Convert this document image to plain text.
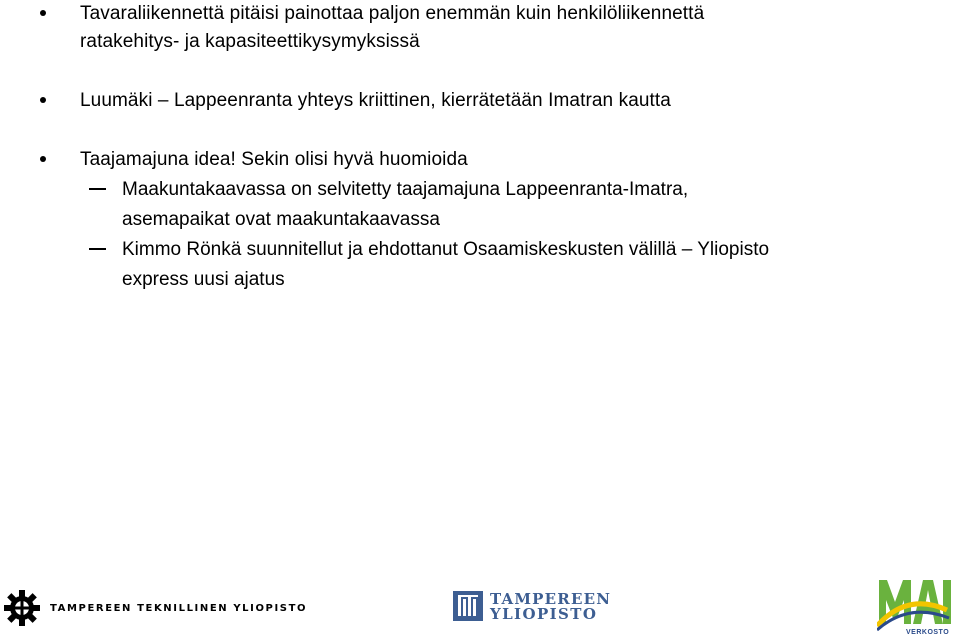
Tavaraliikennettä pitäisi painottaa paljon enemmän kuin henkilöliikennettä
ratakehitys- ja kapasiteettikysymyksissä
Luumäki – Lappeenranta yhteys kriittinen, kierrätetään Imatran kautta
Taajamajuna idea! Sekin olisi hyvä huomioida
Maakuntakaavassa on selvitetty taajamajuna Lappeenranta-Imatra,
asemapaikat ovat maakuntakaavassa
Kimmo Rönkä suunnitellut ja ehdottanut Osaamiskeskusten välillä – Yliopisto
express uusi ajatus
TAMPEREEN TEKNILLINEN YLIOPISTO
TAMPEREEN
YLIOPISTO
VERKOSTO
